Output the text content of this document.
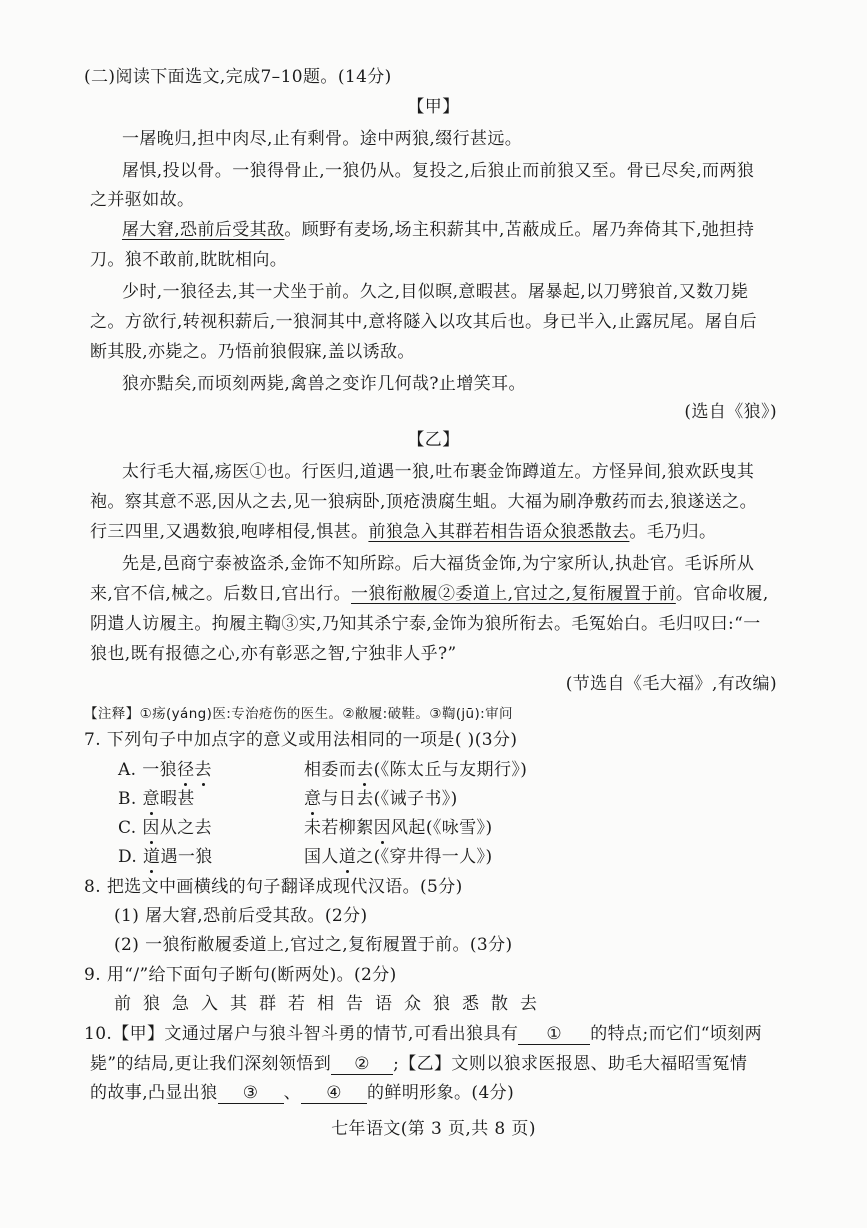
(二)阅读下面选文,完成7–10题。(14分)

【甲】

一屠晚归,担中肉尽,止有剩骨。途中两狼,缀行甚远。

屠惧,投以骨。一狼得骨止,一狼仍从。复投之,后狼止而前狼又至。骨已尽矣,而两狼

之并驱如故。

屠大窘,恐前后受其敌。顾野有麦场,场主积薪其中,苫蔽成丘。屠乃奔倚其下,弛担持

刀。狼不敢前,眈眈相向。

少时,一狼径去,其一犬坐于前。久之,目似暝,意暇甚。屠暴起,以刀劈狼首,又数刀毙

之。方欲行,转视积薪后,一狼洞其中,意将隧入以攻其后也。身已半入,止露尻尾。屠自后

断其股,亦毙之。乃悟前狼假寐,盖以诱敌。

狼亦黠矣,而顷刻两毙,禽兽之变诈几何哉?止增笑耳。

(选自《狼》)

【乙】

太行毛大福,疡医①也。行医归,道遇一狼,吐布裹金饰蹲道左。方怪异间,狼欢跃曳其

袍。察其意不恶,因从之去,见一狼病卧,顶疮溃腐生蛆。大福为刷净敷药而去,狼遂送之。

行三四里,又遇数狼,咆哮相侵,惧甚。前狼急入其群若相告语众狼悉散去。毛乃归。

先是,邑商宁泰被盗杀,金饰不知所踪。后大福货金饰,为宁家所认,执赴官。毛诉所从

来,官不信,械之。后数日,官出行。一狼衔敝履②委道上,官过之,复衔履置于前。官命收履,

阴遣人访履主。拘履主鞫③实,乃知其杀宁泰,金饰为狼所衔去。毛冤始白。毛归叹曰:“一

狼也,既有报德之心,亦有彰恶之智,宁独非人乎?”

(节选自《毛大福》,有改编)

【注释】①疡(yáng)医:专治疮伤的医生。②敝履:破鞋。③鞫(jū):审问

7. 下列句子中加点字的意义或用法相同的一项是( )(3分)

A. 一狼径去	相委而去(《陈太丘与友期行》)

B. 意暇甚	意与日去(《诫子书》)

C. 因从之去	未若柳絮因风起(《咏雪》)

D. 道遇一狼	国人道之(《穿井得一人》)

8. 把选文中画横线的句子翻译成现代汉语。(5分)

(1) 屠大窘,恐前后受其敌。(2分)

(2) 一狼衔敝履委道上,官过之,复衔履置于前。(3分)

9. 用“/”给下面句子断句(断两处)。(2分)

前狼急入其群若相告语众狼悉散去

10.【甲】文通过屠户与狼斗智斗勇的情节,可看出狼具有 ① 的特点;而它们“顷刻两

毙”的结局,更让我们深刻领悟到 ② ;【乙】文则以狼求医报恩、助毛大福昭雪冤情

的故事,凸显出狼 ③ 、 ④ 的鲜明形象。(4分)

七年语文(第 3 页,共 8 页)
